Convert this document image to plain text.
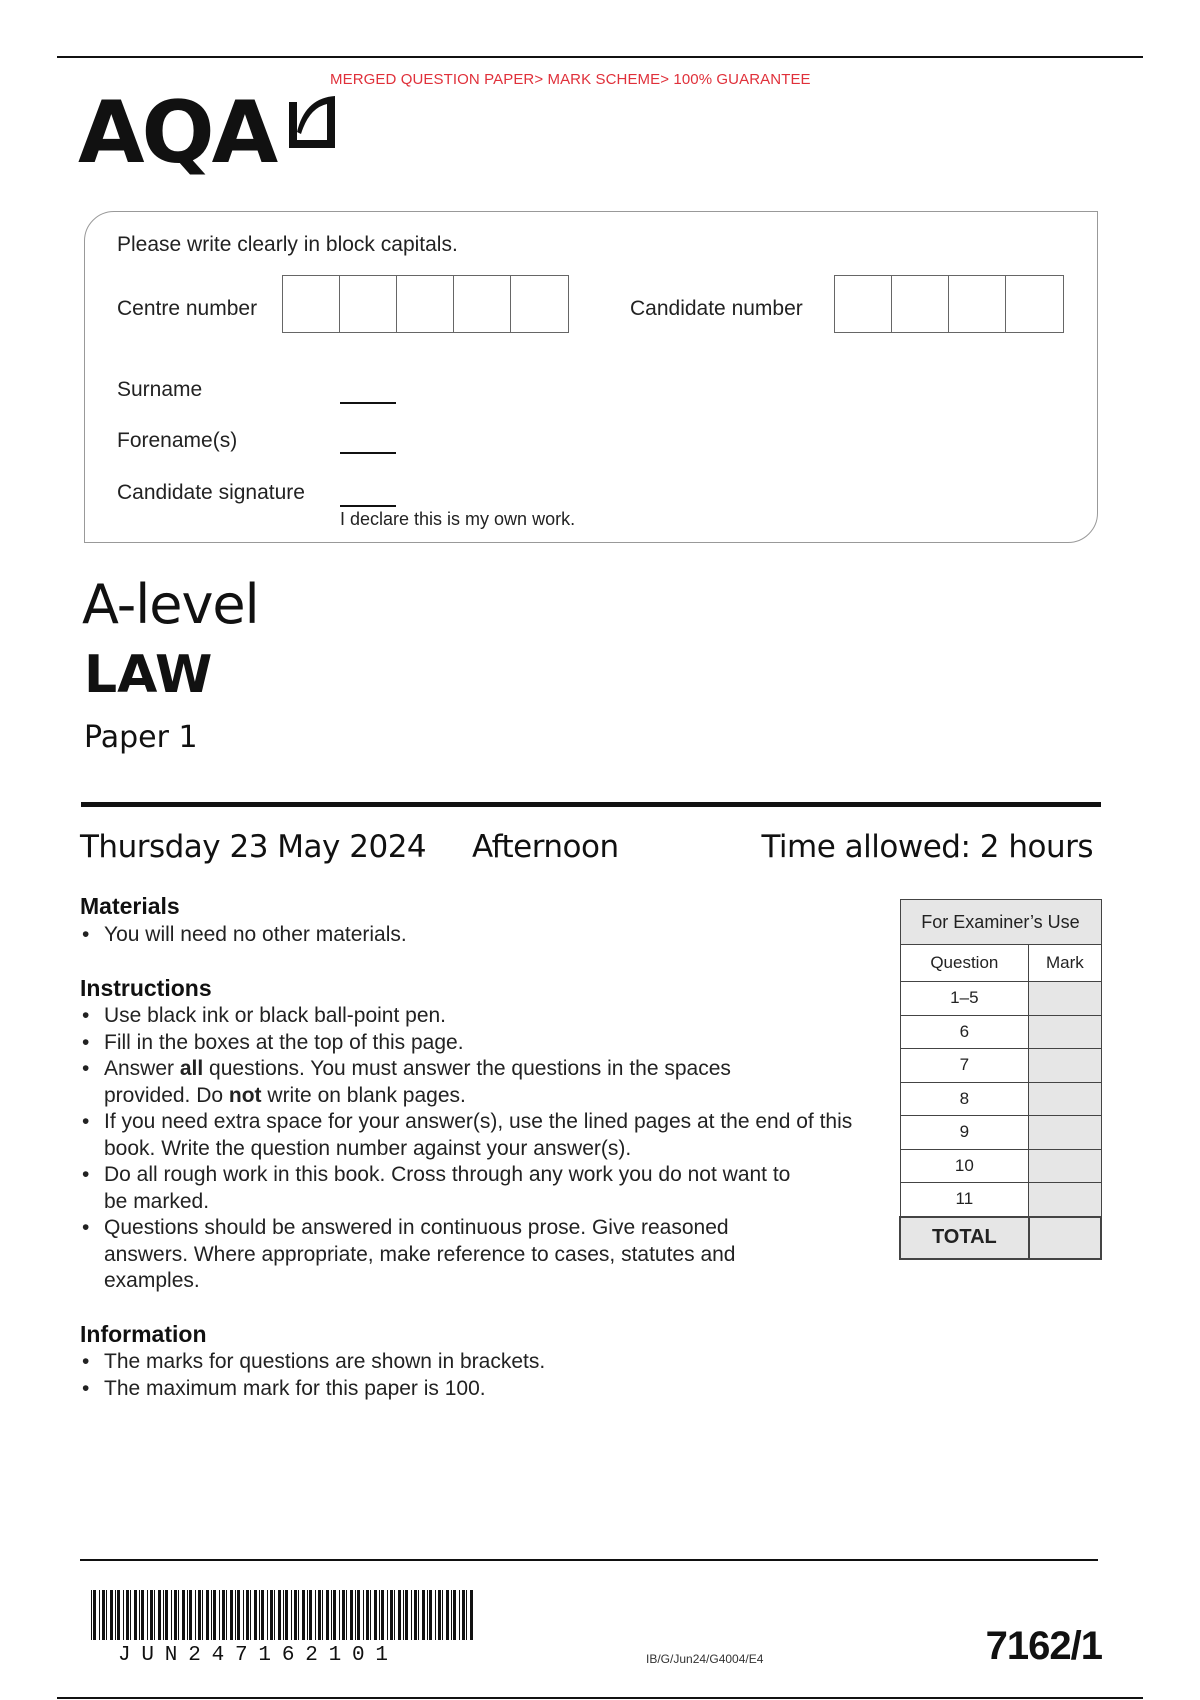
MERGED QUESTION PAPER> MARK SCHEME> 100% GUARANTEE
AQA
Please write clearly in block capitals.
Centre number	Candidate number
Surname
Forename(s)
Candidate signature
I declare this is my own work.
A-level
LAW
Paper 1
Thursday 23 May 2024 Afternoon	Time allowed: 2 hours
Materials
• You will need no other materials.
Instructions
• Use black ink or black ball-point pen.
• Fill in the boxes at the top of this page.
• Answer all questions. You must answer the questions in the spaces provided. Do not write on blank pages.
• If you need extra space for your answer(s), use the lined pages at the end of this book. Write the question number against your answer(s).
• Do all rough work in this book. Cross through any work you do not want to be marked.
• Questions should be answered in continuous prose. Give reasoned answers. Where appropriate, make reference to cases, statutes and examples.
Information
• The marks for questions are shown in brackets.
• The maximum mark for this paper is 100.
For Examiner’s Use	
Question	Mark
1–5	
6	
7	
8	
9	
10	
11	
TOTAL	
JUN247162101	IB/G/Jun24/G4004/E4	7162/1
